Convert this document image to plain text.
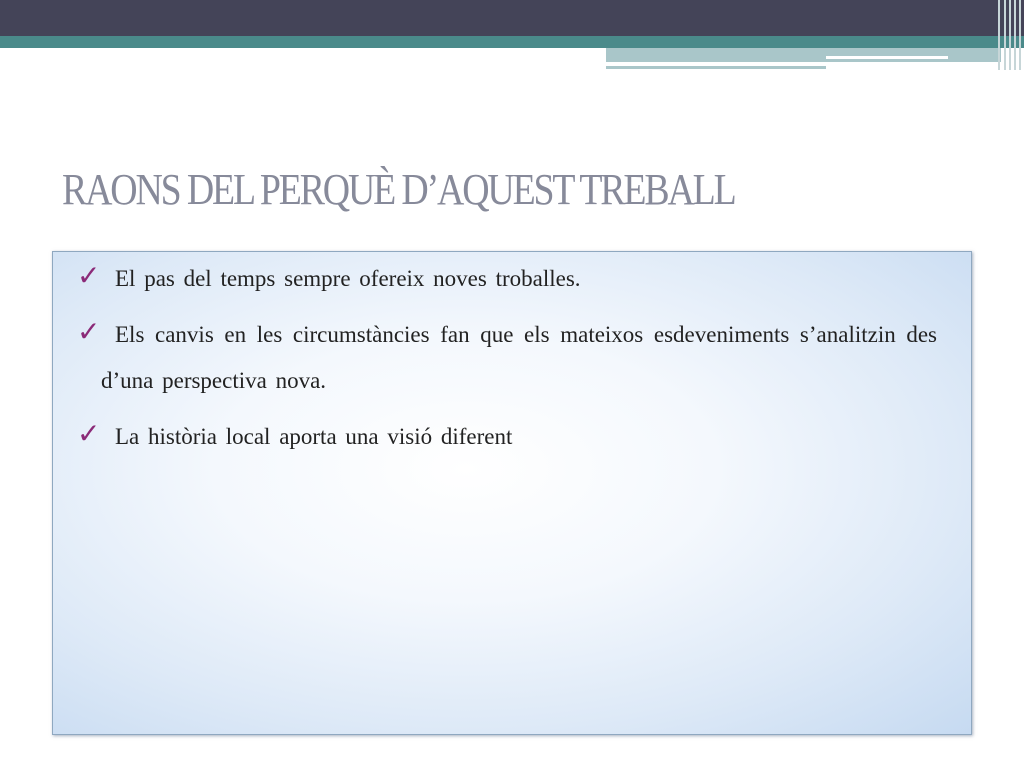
RAONS DEL PERQUÈ D’AQUEST TREBALL
✓ El pas del temps sempre ofereix noves troballes.
✓ Els canvis en les circumstàncies fan que els mateixos esdeveniments s’analitzin des d’una perspectiva nova.
✓ La història local aporta una visió diferent
